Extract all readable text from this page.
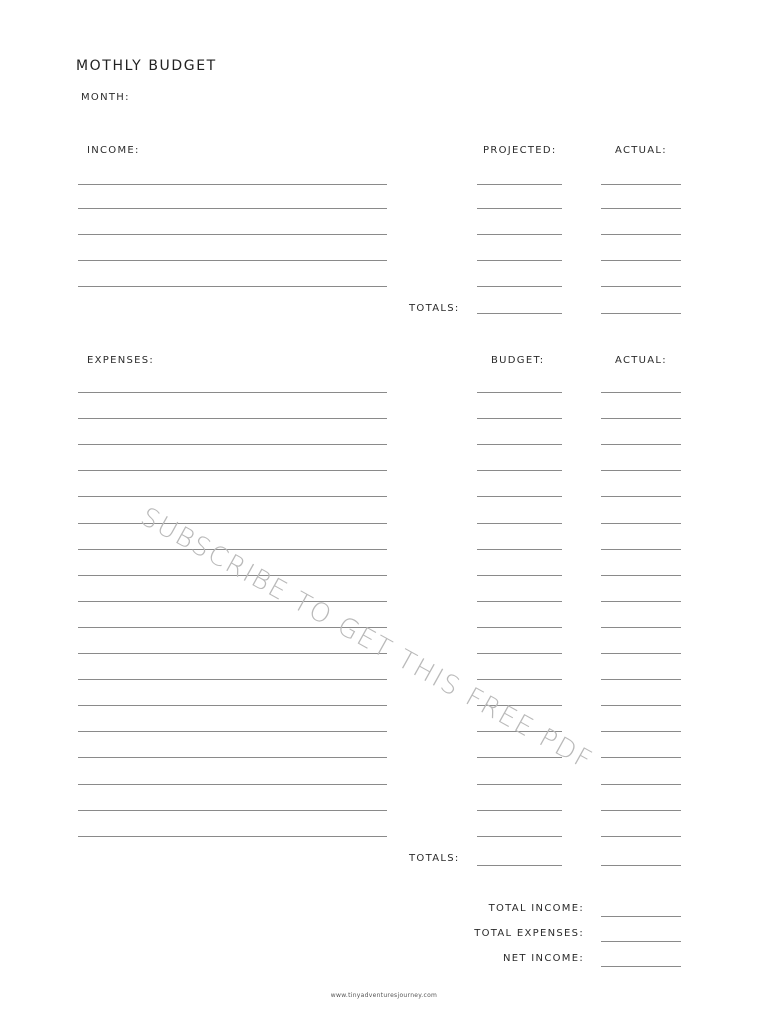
MOTHLY BUDGET
MONTH:
INCOME:	PROJECTED:	ACTUAL:
TOTALS:
EXPENSES:	BUDGET:	ACTUAL:
TOTALS:
TOTAL INCOME:
TOTAL EXPENSES:
NET INCOME:
SUBSCRIBE TO GET THIS FREE PDF
www.tinyadventuresjourney.com
